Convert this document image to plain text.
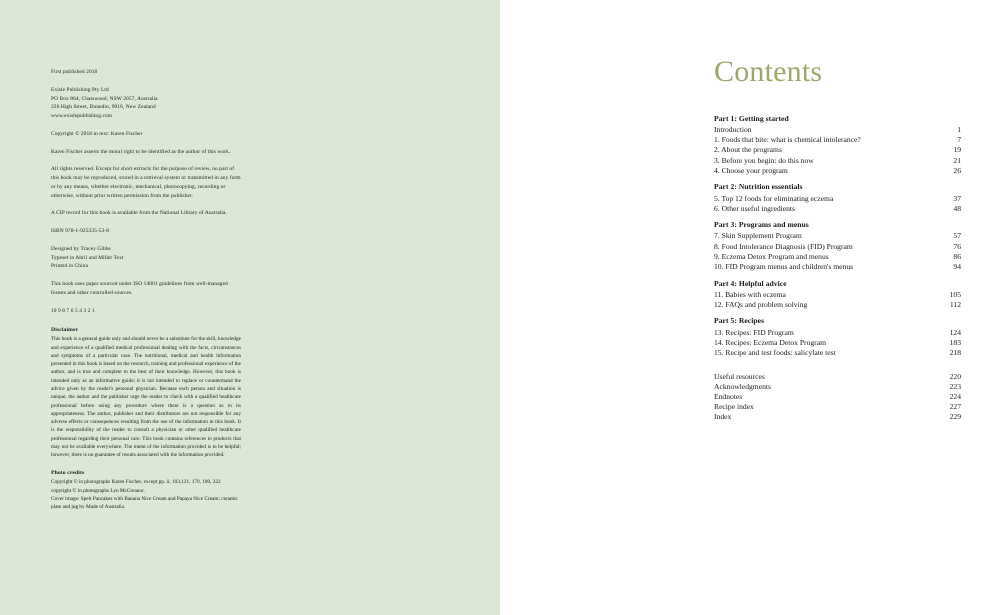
First published 2018

Exisle Publishing Pty Ltd
PO Box 864, Chatswood, NSW 2057, Australia
226 High Street, Dunedin, 9016, New Zealand
www.exislepublishing.com

Copyright © 2018 in text: Karen Fischer

Karen Fischer asserts the moral right to be identified as the author of this work.

All rights reserved. Except for short extracts for the purpose of review, no part of this book may be reproduced, stored in a retrieval system or transmitted in any form or by any means, whether electronic, mechanical, photocopying, recording or otherwise, without prior written permission from the publisher.

A CIP record for this book is available from the National Library of Australia.

ISBN 978-1-925335-53-8

Designed by Tracey Gibbs
Typeset in Abril and Miller Text
Printed in China

This book uses paper sourced under ISO 14001 guidelines from well-managed forests and other controlled sources.

10 9 8 7 6 5 4 3 2 1

Disclaimer

This book is a general guide only and should never be a substitute for the skill, knowledge and experience of a qualified medical professional dealing with the facts, circumstances and symptoms of a particular case. The nutritional, medical and health information presented in this book is based on the research, training and professional experience of the author, and is true and complete to the best of their knowledge. However, this book is intended only as an informative guide; it is not intended to replace or countermand the advice given by the reader's personal physician. Because each person and situation is unique, the author and the publisher urge the reader to check with a qualified healthcare professional before using any procedure where there is a question as to its appropriateness. The author, publisher and their distributors are not responsible for any adverse effects or consequences resulting from the use of the information in this book. It is the responsibility of the reader to consult a physician or other qualified healthcare professional regarding their personal care. This book contains references to products that may not be available everywhere. The intent of the information provided is to be helpful; however, there is no guarantee of results associated with the information provided.

Photo credits

Copyright © in photographs Karen Fischer, except pp. ii, 103,121, 179, 180, 222 copyright © in photographs Lyn McCreanor.
Cover image: Spelt Pancakes with Banana Nice Cream and Papaya Nice Cream; ceramic plate and jug by Made of Australia.

Contents
Part 1: Getting started
Introduction	1
1. Foods that bite: what is chemical intolerance?	7
2. About the programs	19
3. Before you begin: do this now	21
4. Choose your program	26
Part 2: Nutrition essentials
5. Top 12 foods for eliminating eczema	37
6. Other useful ingredients	48
Part 3: Programs and menus
7. Skin Supplement Program	57
8. Food Intolerance Diagnosis (FID) Program	76
9. Eczema Detox Program and menus	86
10. FID Program menus and children's menus	94
Part 4: Helpful advice
11. Babies with eczema	105
12. FAQs and problem solving	112
Part 5: Recipes
13. Recipes: FID Program	124
14. Recipes: Eczema Detox Program	183
15. Recipe and test foods: salicylate test	218
Useful resources	220
Acknowledgments	223
Endnotes	224
Recipe index	227
Index	229
